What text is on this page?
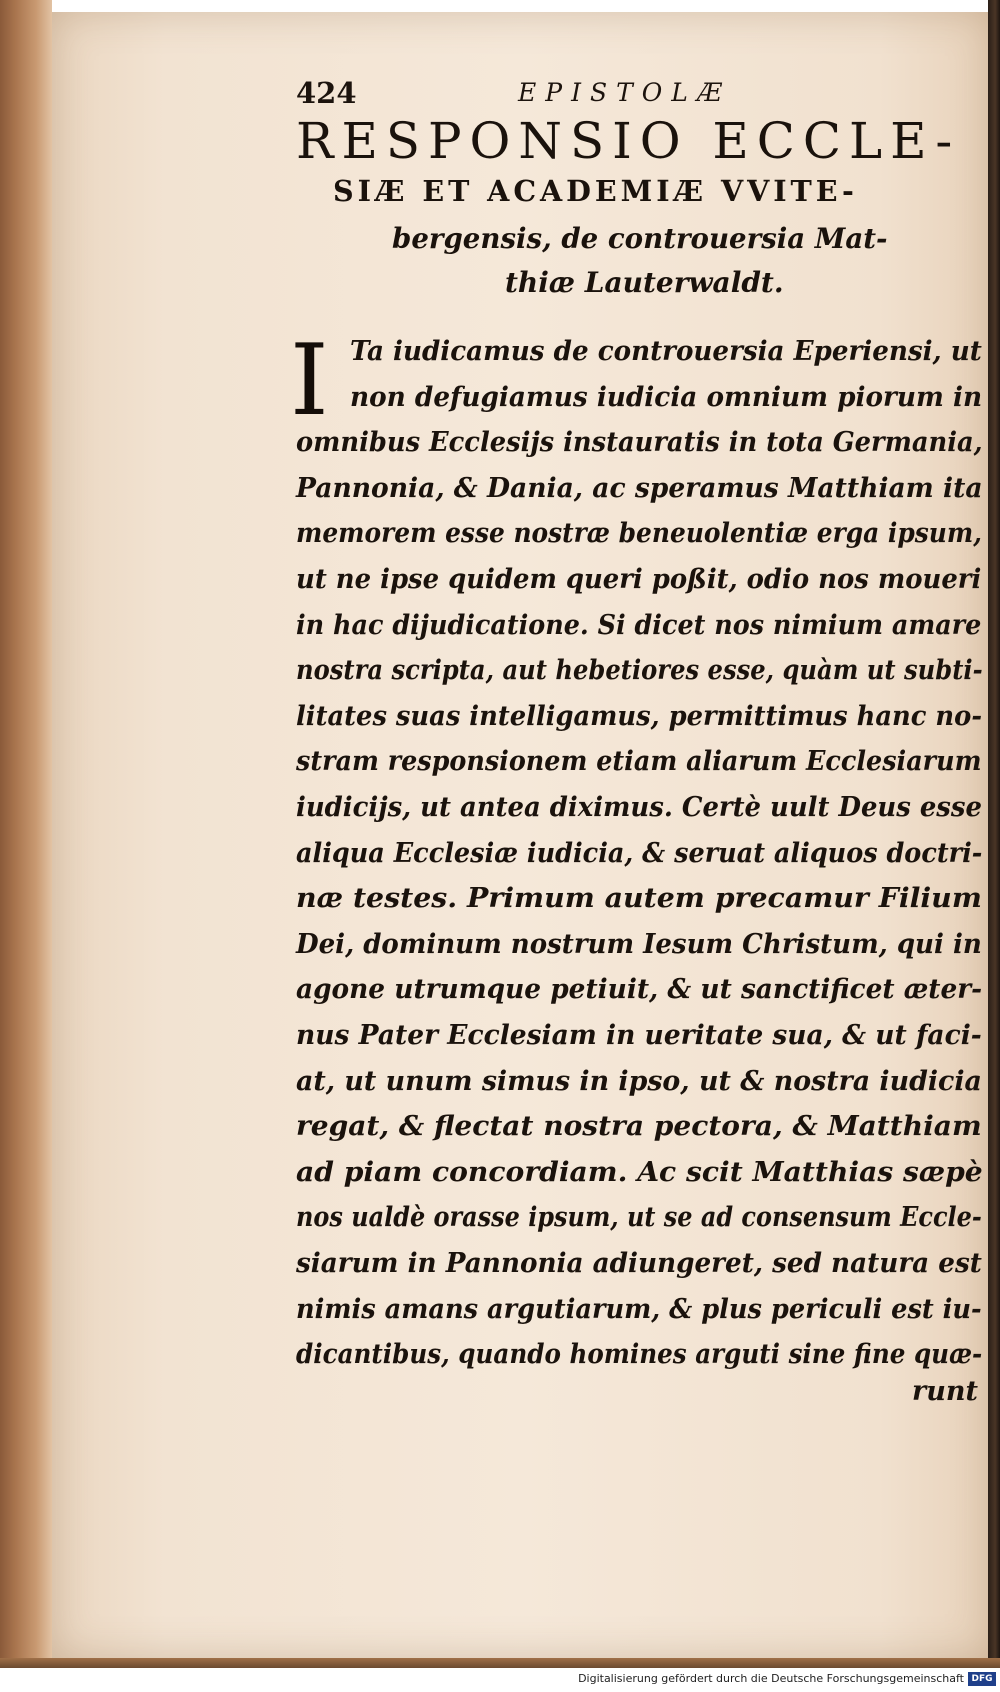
424	EPISTOLÆ
RESPONSIO ECCLE-
SIÆ ET ACADEMIÆ VVITE-
bergensis, de controuersia Mat-
thiæ Lauterwaldt.
I Ta iudicamus de controuersia Eperiensi, ut
non defugiamus iudicia omnium piorum in
omnibus Ecclesijs instauratis in tota Germania,
Pannonia, & Dania, ac speramus Matthiam ita
memorem esse nostræ beneuolentiæ erga ipsum,
ut ne ipse quidem queri poßit, odio nos moueri
in hac dijudicatione. Si dicet nos nimium amare
nostra scripta, aut hebetiores esse, quàm ut subti-
litates suas intelligamus, permittimus hanc no-
stram responsionem etiam aliarum Ecclesiarum
iudicijs, ut antea diximus. Certè uult Deus esse
aliqua Ecclesiæ iudicia, & seruat aliquos doctri-
næ testes. Primum autem precamur Filium
Dei, dominum nostrum Iesum Christum, qui in
agone utrumque petiuit, & ut sanctificet æter-
nus Pater Ecclesiam in ueritate sua, & ut faci-
at, ut unum simus in ipso, ut & nostra iudicia
regat, & flectat nostra pectora, & Matthiam
ad piam concordiam. Ac scit Matthias sæpè
nos ualdè orasse ipsum, ut se ad consensum Eccle-
siarum in Pannonia adiungeret, sed natura est
nimis amans argutiarum, & plus periculi est iu-
dicantibus, quando homines arguti sine fine quæ-
runt
Digitalisierung gefördert durch die Deutsche Forschungsgemeinschaft DFG
